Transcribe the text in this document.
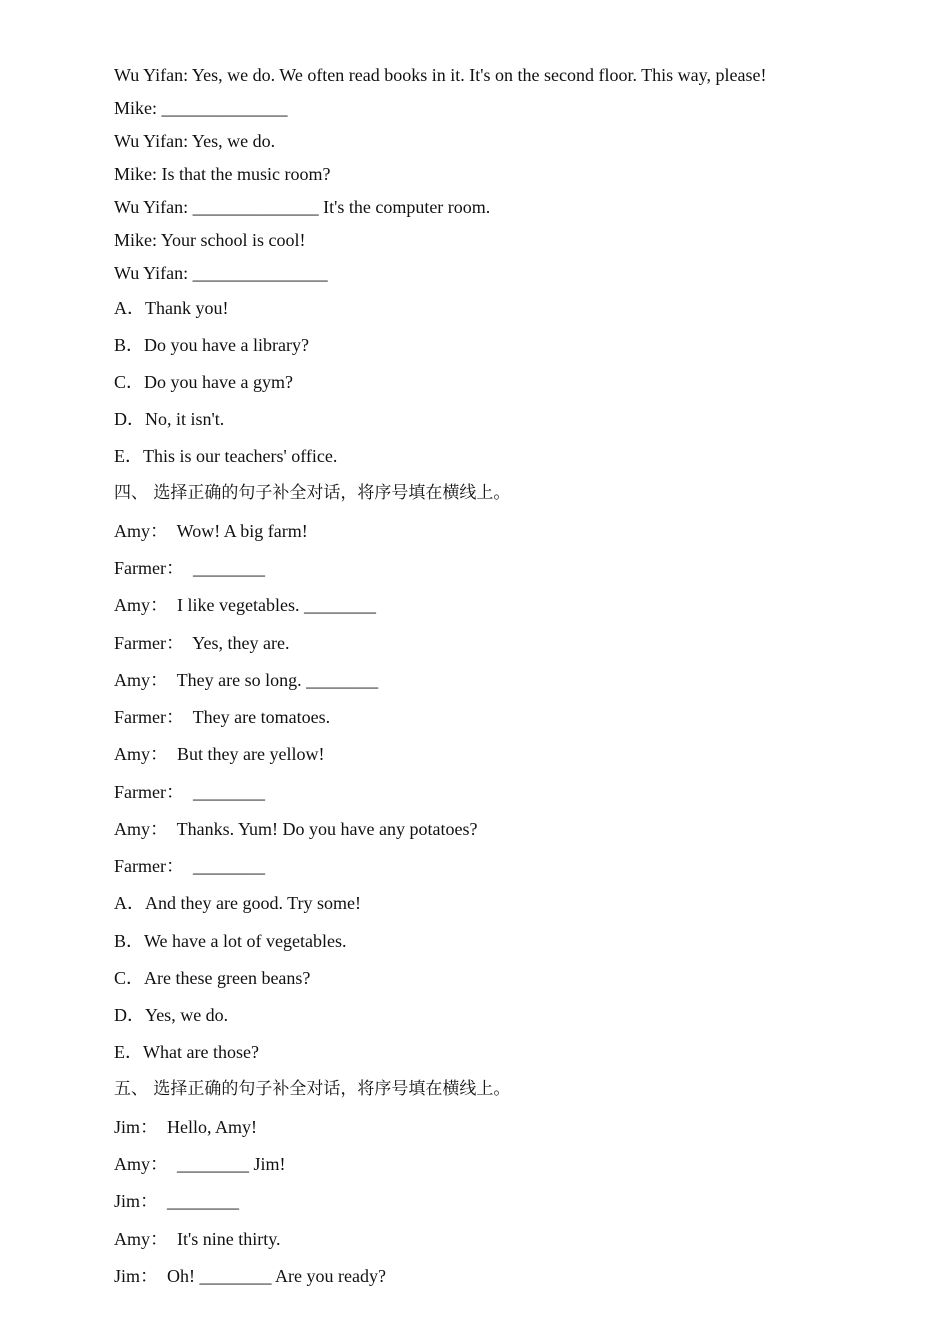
Wu Yifan: Yes, we do. We often read books in it. It's on the second floor. This way, please!
Mike: ______________
Wu Yifan: Yes, we do.
Mike: Is that the music room?
Wu Yifan: ______________ It's the computer room.
Mike: Your school is cool!
Wu Yifan: _______________
A．Thank you!
B．Do you have a library?
C．Do you have a gym?
D．No, it isn't.
E．This is our teachers' office.
四、 选择正确的句子补全对话，将序号填在横线上。
Amy：  Wow! A big farm!
Farmer：  ________
Amy：  I like vegetables. ________
Farmer：  Yes, they are.
Amy：  They are so long. ________
Farmer：  They are tomatoes.
Amy：  But they are yellow!
Farmer：  ________
Amy：  Thanks. Yum! Do you have any potatoes?
Farmer：  ________
A．And they are good. Try some!
B．We have a lot of vegetables.
C．Are these green beans?
D．Yes, we do.
E．What are those?
五、 选择正确的句子补全对话，将序号填在横线上。
Jim：  Hello, Amy!
Amy：  ________ Jim!
Jim：  ________
Amy：  It's nine thirty.
Jim：  Oh! ________ Are you ready?
